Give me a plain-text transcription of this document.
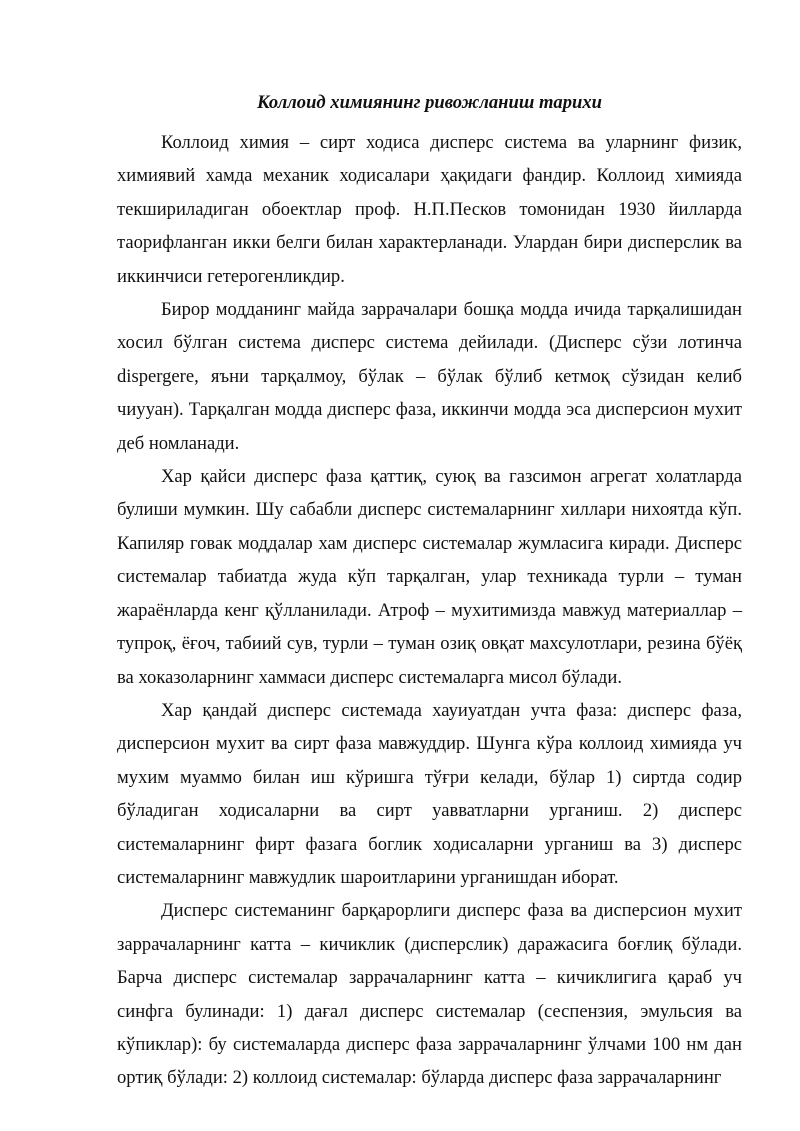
Коллоид химиянинг ривожланиш тарихи

Коллоид химия – сирт ходиса дисперс система ва уларнинг физик, химиявий хамда механик ходисалари ҳақидаги фандир. Коллоид химияда текшириладиган обоектлар проф. Н.П.Песков томонидан 1930 йилларда таорифланган икки белги билан характерланади. Улардан бири дисперслик ва иккинчиси гетерогенликдир.

Бирор модданинг майда заррачалари бошқа модда ичида тарқалишидан хосил бўлган система дисперс система дейилади. (Дисперс сўзи лотинча dispergere, яъни тарқалмоу, бўлак – бўлак бўлиб кетмоқ сўзидан келиб чиууан). Тарқалган модда дисперс фаза, иккинчи модда эса дисперсион мухит деб номланади.

Хар қайси дисперс фаза қаттиқ, суюқ ва газсимон агрегат холатларда булиши мумкин. Шу сабабли дисперс системаларнинг хиллари нихоятда кўп. Капиляр говак моддалар хам дисперс системалар жумласига киради. Дисперс системалар табиатда жуда кўп тарқалган, улар техникада турли – туман жараёнларда кенг қўлланилади. Атроф – мухитимизда мавжуд материаллар – тупроқ, ёғоч, табиий сув, турли – туман озиқ овқат махсулотлари, резина бўёқ ва хоказоларнинг хаммаси дисперс системаларга мисол бўлади.

Хар қандай дисперс системада хауиуатдан учта фаза: дисперс фаза, дисперсион мухит ва сирт фаза мавжуддир. Шунга кўра коллоид химияда уч мухим муаммо билан иш кўришга тўғри келади, бўлар 1) сиртда содир бўладиган ходисаларни ва сирт уавватларни урганиш. 2) дисперс системаларнинг фирт фазага боглик ходисаларни урганиш ва 3) дисперс системаларнинг мавжудлик шароитларини урганишдан иборат.

Дисперс системанинг барқарорлиги дисперс фаза ва дисперсион мухит заррачаларнинг катта – кичиклик (дисперслик) даражасига боғлиқ бўлади. Барча дисперс системалар заррачаларнинг катта – кичиклигига қараб уч синфга булинади: 1) дағал дисперс системалар (сеспензия, эмульсия ва кўпиклар): бу системаларда дисперс фаза заррачаларнинг ўлчами 100 нм дан ортиқ бўлади: 2) коллоид системалар: бўларда дисперс фаза заррачаларнинг
